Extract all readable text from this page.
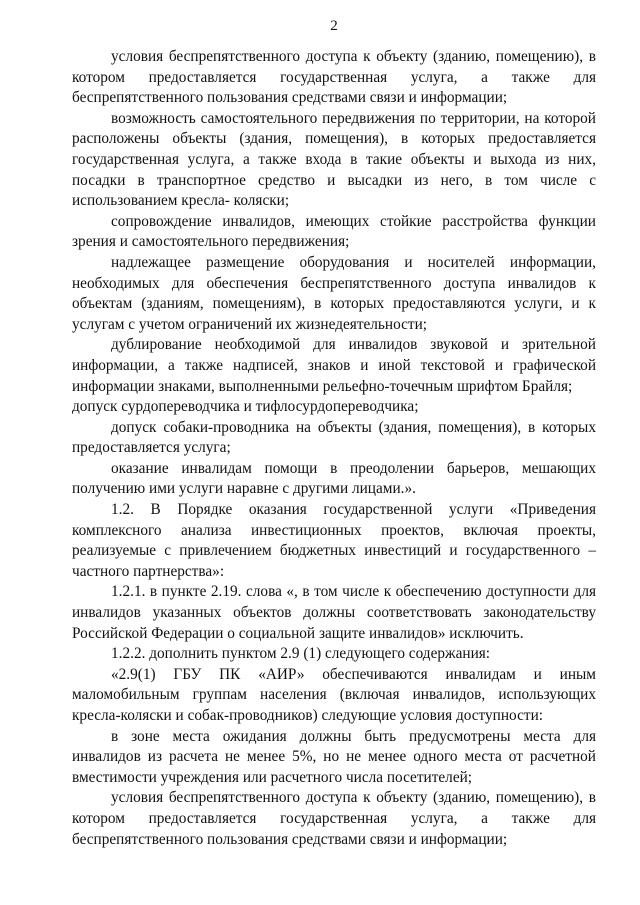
2

условия беспрепятственного доступа к объекту (зданию, помещению), в котором предоставляется государственная услуга, а также для беспрепятственного пользования средствами связи и информации;

возможность самостоятельного передвижения по территории, на которой расположены объекты (здания, помещения), в которых предоставляется государственная услуга, а также входа в такие объекты и выхода из них, посадки в транспортное средство и высадки из него, в том числе с использованием кресла- коляски;

сопровождение инвалидов, имеющих стойкие расстройства функции зрения и самостоятельного передвижения;

надлежащее размещение оборудования и носителей информации, необходимых для обеспечения беспрепятственного доступа инвалидов к объектам (зданиям, помещениям), в которых предоставляются услуги, и к услугам с учетом ограничений их жизнедеятельности;

дублирование необходимой для инвалидов звуковой и зрительной информации, а также надписей, знаков и иной текстовой и графической информации знаками, выполненными рельефно-точечным шрифтом Брайля;

допуск сурдопереводчика и тифлосурдопереводчика;

допуск собаки-проводника на объекты (здания, помещения), в которых предоставляется услуга;

оказание инвалидам помощи в преодолении барьеров, мешающих получению ими услуги наравне с другими лицами.».

1.2. В Порядке оказания государственной услуги «Приведения комплексного анализа инвестиционных проектов, включая проекты, реализуемые с привлечением бюджетных инвестиций и государственного – частного партнерства»:

1.2.1. в пункте 2.19. слова «, в том числе к обеспечению доступности для инвалидов указанных объектов должны соответствовать законодательству Российской Федерации о социальной защите инвалидов» исключить.

1.2.2. дополнить пунктом 2.9 (1) следующего содержания:

«2.9(1) ГБУ ПК «АИР» обеспечиваются инвалидам и иным маломобильным группам населения (включая инвалидов, использующих кресла-коляски и собак-проводников) следующие условия доступности:

в зоне места ожидания должны быть предусмотрены места для инвалидов из расчета не менее 5%, но не менее одного места от расчетной вместимости учреждения или расчетного числа посетителей;

условия беспрепятственного доступа к объекту (зданию, помещению), в котором предоставляется государственная услуга, а также для беспрепятственного пользования средствами связи и информации;
